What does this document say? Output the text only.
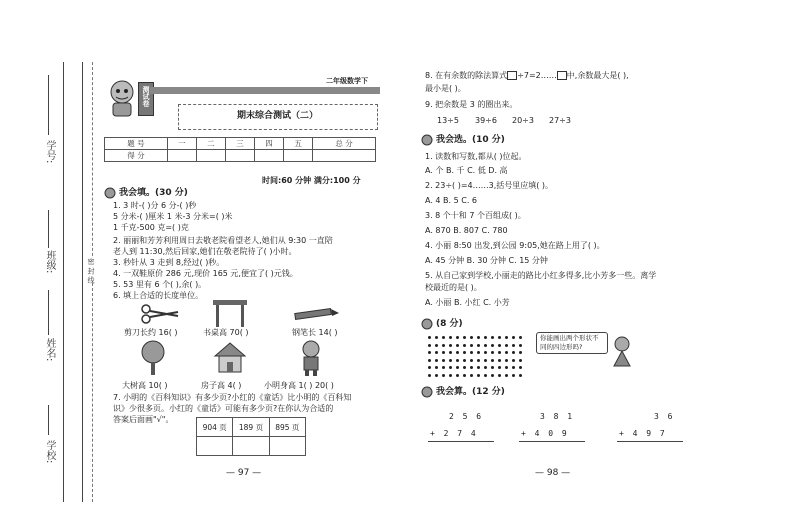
学校:
姓名:
班级:
学号:
密 封 线
测试卷
二年级数学下
期末综合测试（二）
题 号	一	二	三	四	五	总 分
得 分						
时间:60 分钟 满分:100 分
我会填。(30 分)
1. 3 时-( )分 6 分-( )秒
5 分米-( )厘米 1 米-3 分米=( )米
1 千克-500 克=( )克
2. 丽丽和芳芳利用周日去敬老院看望老人,她们从 9:30 一直陪
老人到 11:30,然后回家,她们在敬老院待了( )小时。
3. 秒针从 3 走到 8,经过( )秒。
4. 一双鞋原价 286 元,现价 165 元,便宜了( )元钱。
5. 53 里有 6 个( ),余( )。
6. 填上合适的长度单位。
剪刀长约 16( )	书桌高 70( )	钢笔长 14( )
大树高 10( )	房子高 4( )	小明身高 1( ) 20( )
7. 小明的《百科知识》有多少页?小红的《童话》比小明的《百科知
识》少很多页。小红的《童话》可能有多少页?在你认为合适的
答案后面画"√"。
904 页	189 页	895 页

— 97 —
8. 在有余数的除法算式 ÷7=2…… 中,余数最大是( ),
最小是( )。
9. 把余数是 3 的圈出来。
13÷5 39÷6 20÷3 27÷3
我会选。(10 分)
1. 读数和写数,都从( )位起。
A. 个 B. 千 C. 低 D. 高
2. 23÷( )=4……3,括号里应填( )。
A. 4 B. 5 C. 6
3. 8 个十和 7 个百组成( )。
A. 870 B. 807 C. 780
4. 小丽 8:50 出发,到公园 9:05,她在路上用了( )。
A. 45 分钟 B. 30 分钟 C. 15 分钟
5. 从自己家到学校,小丽走的路比小红多得多,比小芳多一些。离学
校最近的是( )。
A. 小丽 B. 小红 C. 小芳
(8 分)
你能画出两个形状不同的四边形吗?
我会算。(12 分)
2 5 6
+ 2 7 4
3 8 1
+ 4 0 9
3 6
+ 4 9 7
— 98 —
